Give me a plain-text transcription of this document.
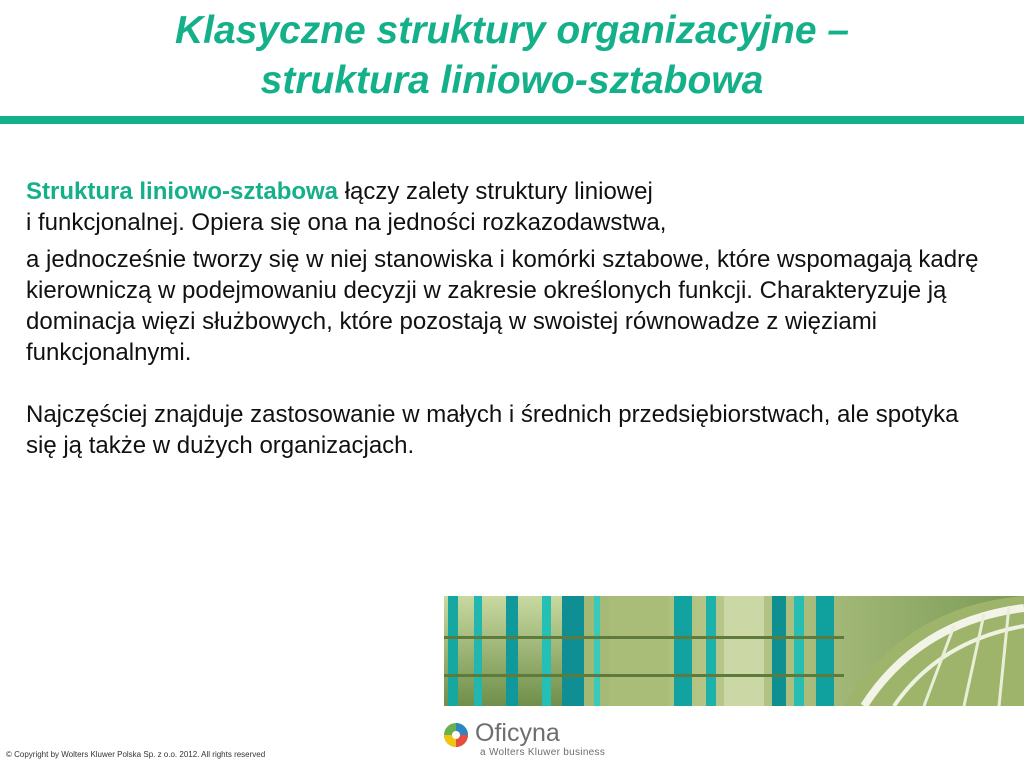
Klasyczne struktury organizacyjne –
struktura liniowo-sztabowa

Struktura liniowo-sztabowa łączy zalety struktury liniowej
i funkcjonalnej. Opiera się ona na jedności rozkazodawstwa,

a jednocześnie tworzy się w niej stanowiska i komórki sztabowe, które wspomagają kadrę kierowniczą w podejmowaniu decyzji w zakresie określonych funkcji. Charakteryzuje ją dominacja więzi służbowych, które pozostają w swoistej równowadze z więziami funkcjonalnymi.

Najczęściej znajduje zastosowanie w małych i średnich przedsiębiorstwach, ale spotyka się ją także w dużych organizacjach.

Oficyna
a Wolters Kluwer business
© Copyright by Wolters Kluwer Polska Sp. z o.o. 2012. All rights reserved
